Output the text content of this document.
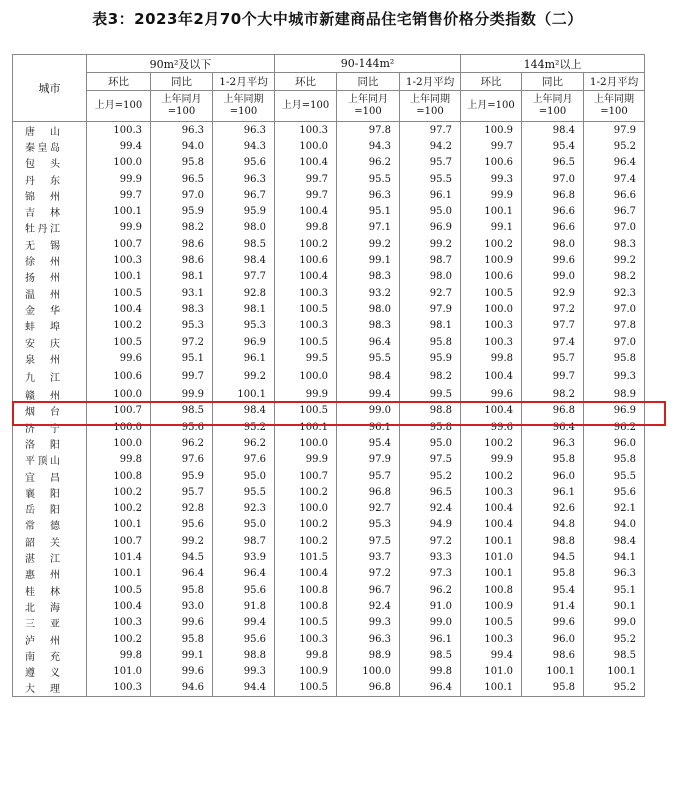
表3：2023年2月70个大中城市新建商品住宅销售价格分类指数（二）
城市	90m²及以下			90-144m²			144m²以上		
	环比	同比	1-2月平均	环比	同比	1-2月平均	环比	同比	1-2月平均
	上月=100	上年同月=100	上年同期=100	上月=100	上年同月=100	上年同期=100	上月=100	上年同月=100	上年同期=100
唐　山	100.3	96.3	96.3	100.3	97.8	97.7	100.9	98.4	97.9
秦皇岛	99.4	94.0	94.3	100.0	94.3	94.2	99.7	95.4	95.2
包　头	100.0	95.8	95.6	100.4	96.2	95.7	100.6	96.5	96.4
丹　东	99.9	96.5	96.3	99.7	95.5	95.5	99.3	97.0	97.4
锦　州	99.7	97.0	96.7	99.7	96.3	96.1	99.9	96.8	96.6
吉　林	100.1	95.9	95.9	100.4	95.1	95.0	100.1	96.6	96.7
牡丹江	99.9	98.2	98.0	99.8	97.1	96.9	99.1	96.6	97.0
无　锡	100.7	98.6	98.5	100.2	99.2	99.2	100.2	98.0	98.3
徐　州	100.3	98.6	98.4	100.6	99.1	98.7	100.9	99.6	99.2
扬　州	100.1	98.1	97.7	100.4	98.3	98.0	100.6	99.0	98.2
温　州	100.5	93.1	92.8	100.3	93.2	92.7	100.5	92.9	92.3
金　华	100.4	98.3	98.1	100.5	98.0	97.9	100.0	97.2	97.0
蚌　埠	100.2	95.3	95.3	100.3	98.3	98.1	100.3	97.7	97.8
安　庆	100.5	97.2	96.9	100.5	96.4	95.8	100.3	97.4	97.0
泉　州	99.6	95.1	96.1	99.5	95.5	95.9	99.8	95.7	95.8
九　江	100.6	99.7	99.2	100.0	98.4	98.2	100.4	99.7	99.3
赣　州	100.0	99.9	100.1	99.9	99.4	99.5	99.6	98.2	98.9
烟　台	100.7	98.5	98.4	100.5	99.0	98.8	100.4	96.8	96.9
济　宁	100.0	95.6	95.2	100.1	96.1	95.8	99.6	96.4	96.2
洛　阳	100.0	96.2	96.2	100.0	95.4	95.0	100.2	96.3	96.0
平顶山	99.8	97.6	97.6	99.9	97.9	97.5	99.9	95.8	95.8
宜　昌	100.8	95.9	95.0	100.7	95.7	95.2	100.2	96.0	95.5
襄　阳	100.2	95.7	95.5	100.2	96.8	96.5	100.3	96.1	95.6
岳　阳	100.2	92.8	92.3	100.0	92.7	92.4	100.4	92.6	92.1
常　德	100.1	95.6	95.0	100.2	95.3	94.9	100.4	94.8	94.0
韶　关	100.7	99.2	98.7	100.2	97.5	97.2	100.1	98.8	98.4
湛　江	101.4	94.5	93.9	101.5	93.7	93.3	101.0	94.5	94.1
惠　州	100.1	96.4	96.4	100.4	97.2	97.3	100.1	95.8	96.3
桂　林	100.5	95.8	95.6	100.8	96.7	96.2	100.8	95.4	95.1
北　海	100.4	93.0	91.8	100.8	92.4	91.0	100.9	91.4	90.1
三　亚	100.3	99.6	99.4	100.5	99.3	99.0	100.5	99.6	99.0
泸　州	100.2	95.8	95.6	100.3	96.3	96.1	100.3	96.0	95.2
南　充	99.8	99.1	98.8	99.8	98.9	98.5	99.4	98.6	98.5
遵　义	101.0	99.6	99.3	100.9	100.0	99.8	101.0	100.1	100.1
大　理	100.3	94.6	94.4	100.5	96.8	96.4	100.1	95.8	95.2
